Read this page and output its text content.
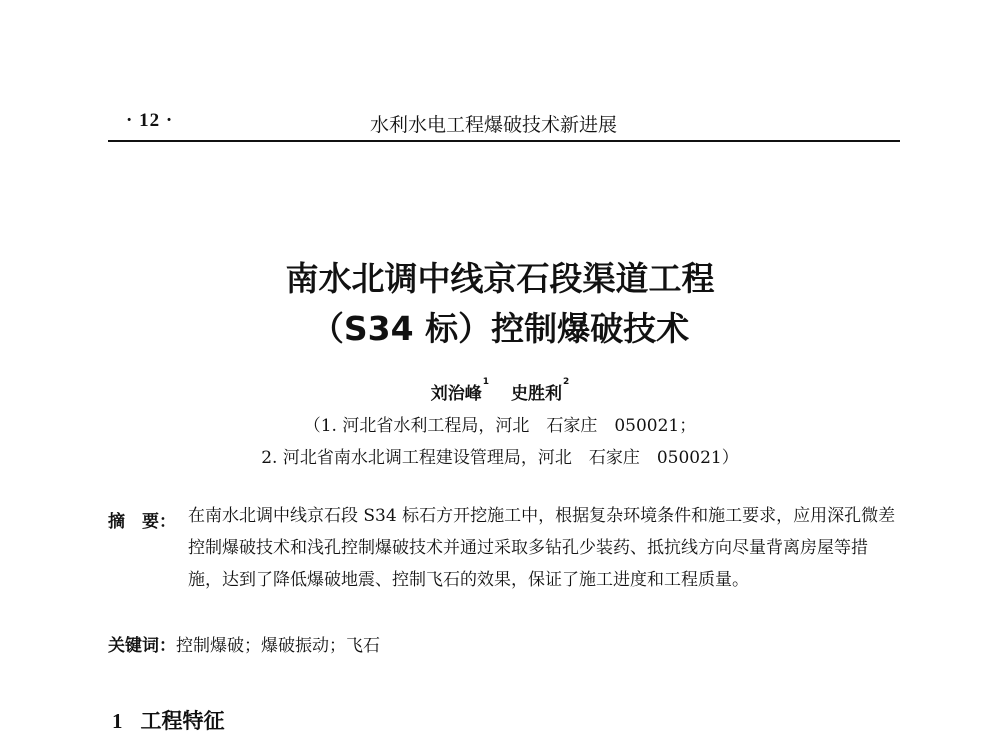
· 12 ·	水利水电工程爆破技术新进展
南水北调中线京石段渠道工程
（S34 标）控制爆破技术
刘治峰$^1$史胜利$^2$
（1. 河北省水利工程局，河北　石家庄　050021；
2. 河北省南水北调工程建设管理局，河北　石家庄　050021）
摘　要： 在南水北调中线京石段 S34 标石方开挖施工中，根据复杂环境条件和施工要求，应用深孔微差控制爆破技术和浅孔控制爆破技术并通过采取多钻孔少装药、抵抗线方向尽量背离房屋等措施，达到了降低爆破地震、控制飞石的效果，保证了施工进度和工程质量。
关键词：控制爆破；爆破振动；飞石
1 工程特征
